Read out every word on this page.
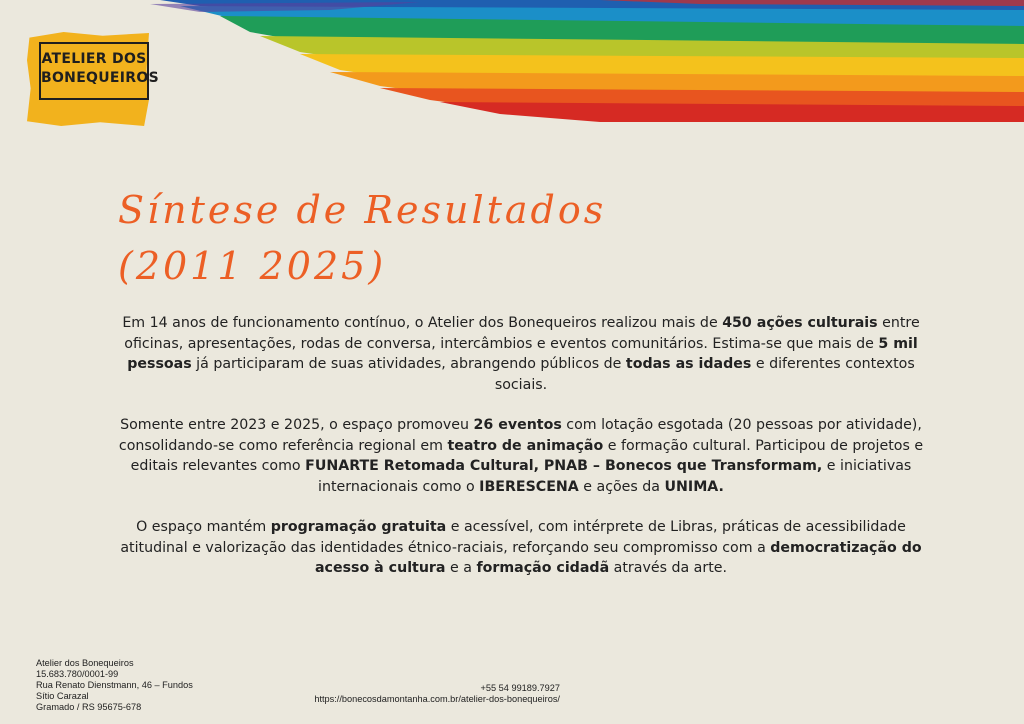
ATELIER DOS
BONEQUEIROS
Síntese de Resultados
(2011 2025)

Em 14 anos de funcionamento contínuo, o Atelier dos Bonequeiros realizou mais de 450 ações culturais entre oficinas, apresentações, rodas de conversa, intercâmbios e eventos comunitários. Estima-se que mais de 5 mil pessoas já participaram de suas atividades, abrangendo públicos de todas as idades e diferentes contextos sociais.

Somente entre 2023 e 2025, o espaço promoveu 26 eventos com lotação esgotada (20 pessoas por atividade), consolidando-se como referência regional em teatro de animação e formação cultural. Participou de projetos e editais relevantes como FUNARTE Retomada Cultural, PNAB – Bonecos que Transformam, e iniciativas internacionais como o IBERESCENA e ações da UNIMA.

O espaço mantém programação gratuita e acessível, com intérprete de Libras, práticas de acessibilidade atitudinal e valorização das identidades étnico-raciais, reforçando seu compromisso com a democratização do acesso à cultura e a formação cidadã através da arte.

Atelier dos Bonequeiros
15.683.780/0001-99
Rua Renato Dienstmann, 46 – Fundos
Sítio Carazal
Gramado / RS 95675-678
+55 54 99189.7927
https://bonecosdamontanha.com.br/atelier-dos-bonequeiros/
